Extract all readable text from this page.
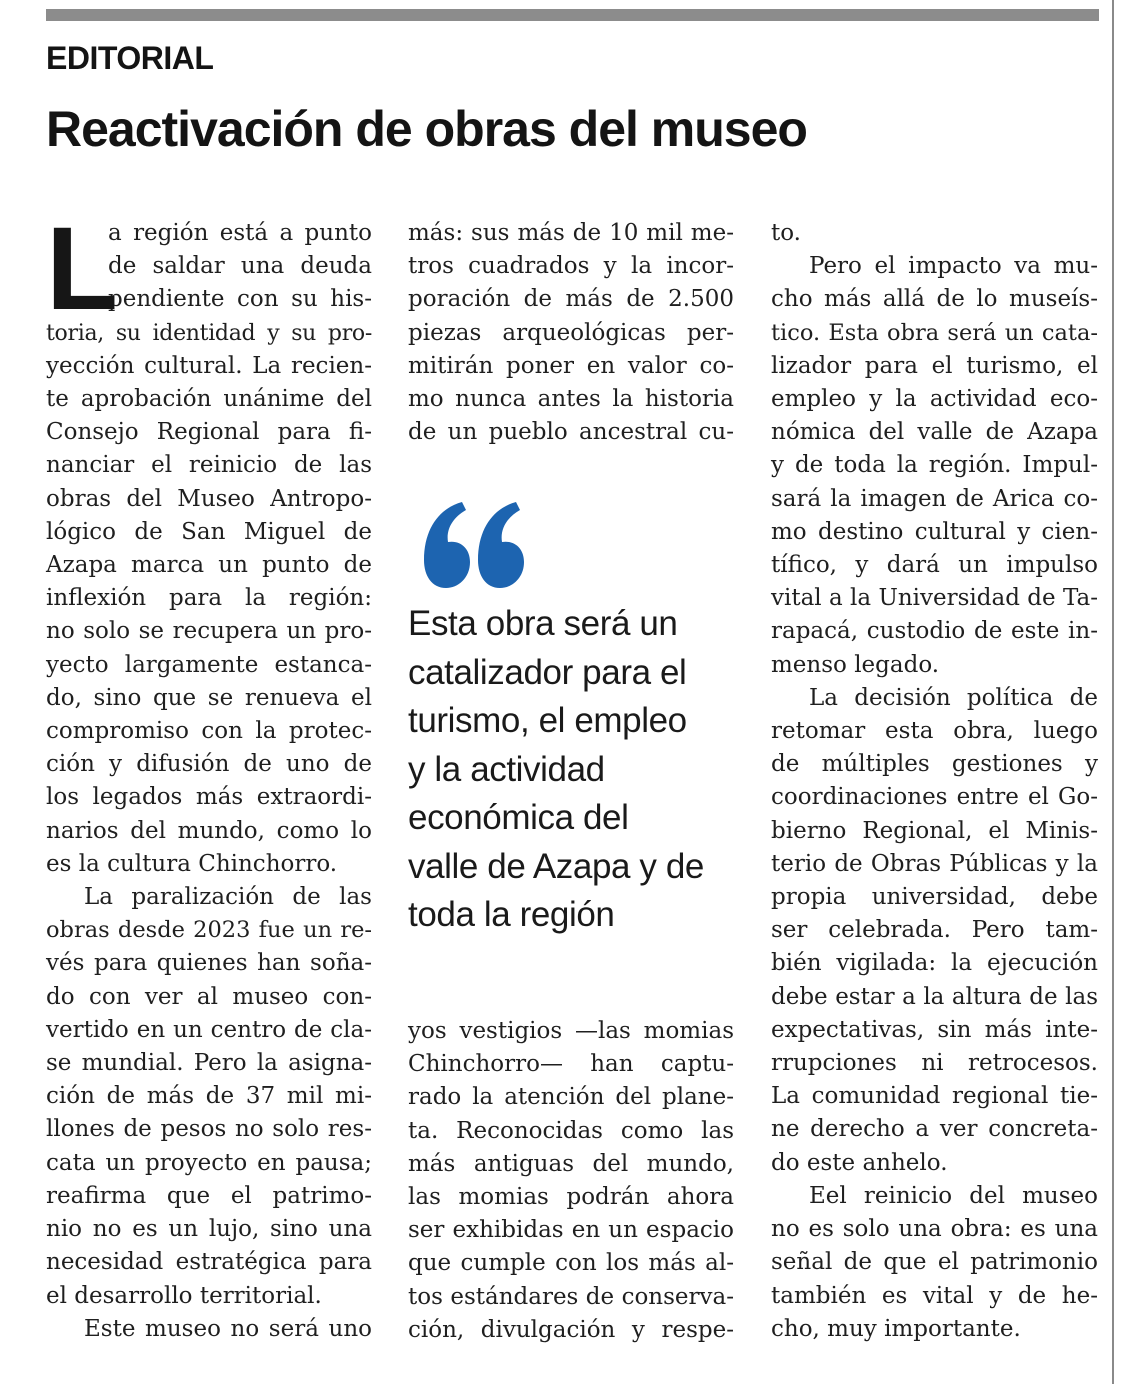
EDITORIAL
Reactivación de obras del museo
L
a región está a punto
de saldar una deuda
pendiente con su his-
toria, su identidad y su pro-
yección cultural. La recien-
te aprobación unánime del
Consejo Regional para fi-
nanciar el reinicio de las
obras del Museo Antropo-
lógico de San Miguel de
Azapa marca un punto de
inflexión para la región:
no solo se recupera un pro-
yecto largamente estanca-
do, sino que se renueva el
compromiso con la protec-
ción y difusión de uno de
los legados más extraordi-
narios del mundo, como lo
es la cultura Chinchorro.
La paralización de las
obras desde 2023 fue un re-
vés para quienes han soña-
do con ver al museo con-
vertido en un centro de cla-
se mundial. Pero la asigna-
ción de más de 37 mil mi-
llones de pesos no solo res-
cata un proyecto en pausa;
reafirma que el patrimo-
nio no es un lujo, sino una
necesidad estratégica para
el desarrollo territorial.
Este museo no será uno
más: sus más de 10 mil me-
tros cuadrados y la incor-
poración de más de 2.500
piezas arqueológicas per-
mitirán poner en valor co-
mo nunca antes la historia
de un pueblo ancestral cu-
Esta obra será un
catalizador para el
turismo, el empleo
y la actividad
económica del
valle de Azapa y de
toda la región
yos vestigios —las momias
Chinchorro— han captu-
rado la atención del plane-
ta. Reconocidas como las
más antiguas del mundo,
las momias podrán ahora
ser exhibidas en un espacio
que cumple con los más al-
tos estándares de conserva-
ción, divulgación y respe-
to.
Pero el impacto va mu-
cho más allá de lo museís-
tico. Esta obra será un cata-
lizador para el turismo, el
empleo y la actividad eco-
nómica del valle de Azapa
y de toda la región. Impul-
sará la imagen de Arica co-
mo destino cultural y cien-
tífico, y dará un impulso
vital a la Universidad de Ta-
rapacá, custodio de este in-
menso legado.
La decisión política de
retomar esta obra, luego
de múltiples gestiones y
coordinaciones entre el Go-
bierno Regional, el Minis-
terio de Obras Públicas y la
propia universidad, debe
ser celebrada. Pero tam-
bién vigilada: la ejecución
debe estar a la altura de las
expectativas, sin más inte-
rrupciones ni retrocesos.
La comunidad regional tie-
ne derecho a ver concreta-
do este anhelo.
Eel reinicio del museo
no es solo una obra: es una
señal de que el patrimonio
también es vital y de he-
cho, muy importante.
